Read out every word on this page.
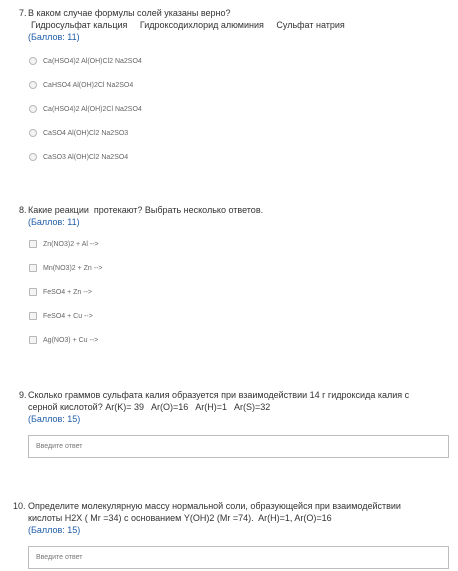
7. В каком случае формулы солей указаны верно?
Гидросульфат кальция     Гидроксодихлорид алюминия     Сульфат натрия
(Баллов: 11)
Ca(HSO4)2 Al(OH)Cl2 Na2SO4
CaHSO4 Al(OH)2Cl Na2SO4
Ca(HSO4)2 Al(OH)2Cl Na2SO4
CaSO4 Al(OH)Cl2 Na2SO3
CaSO3 Al(OH)Cl2 Na2SO4
8. Какие реакции  протекают? Выбрать несколько ответов.
(Баллов: 11)
Zn(NO3)2 + Al -->
Mn(NO3)2 + Zn -->
FeSO4 + Zn -->
FeSO4 + Cu -->
Ag(NO3) + Cu -->
9. Сколько граммов сульфата калия образуется при взаимодействии 14 г гидроксида калия с
серной кислотой? Ar(K)= 39   Ar(O)=16   Ar(H)=1   Ar(S)=32
(Баллов: 15)
Введите ответ
10. Определите молекулярную массу нормальной соли, образующейся при взаимодействии
кислоты H2X ( Mr =34) с основанием Y(OH)2 (Mr =74).  Ar(H)=1, Ar(O)=16
(Баллов: 15)
Введите ответ
